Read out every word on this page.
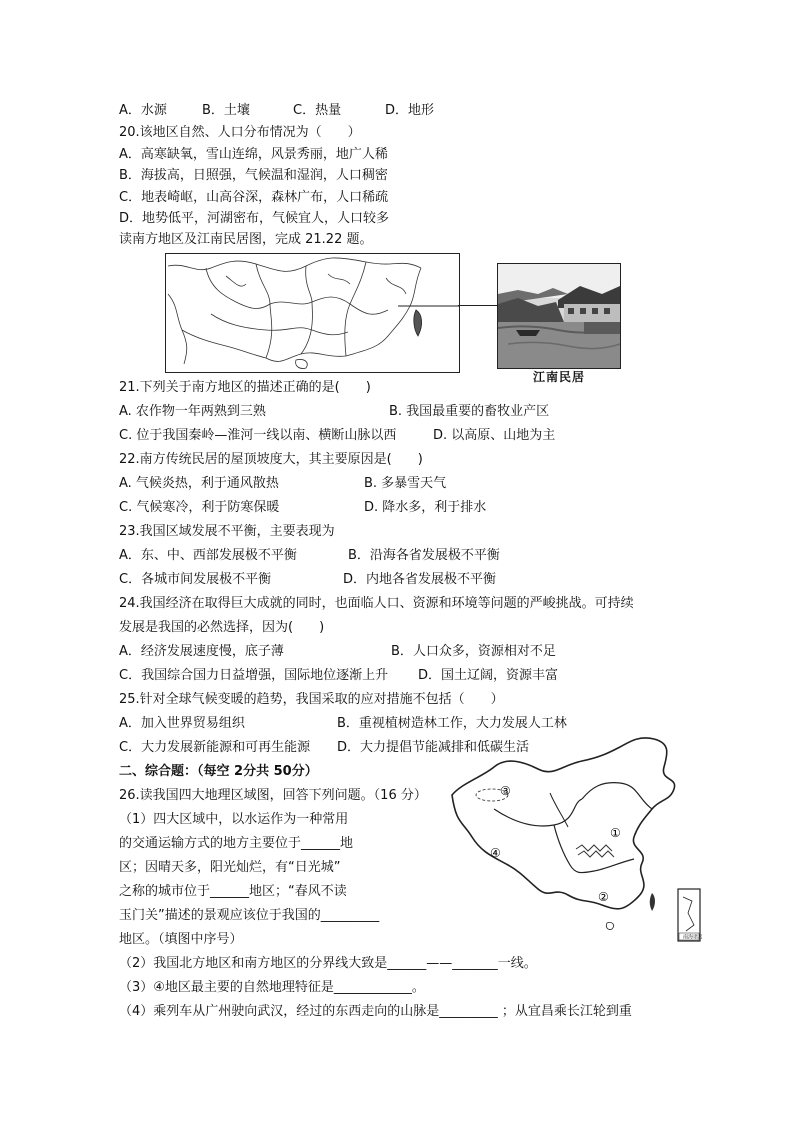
A．水源	B．土壤	C．热量	D．地形
20.该地区自然、人口分布情况为（　　）
A．高寒缺氧，雪山连绵，风景秀丽，地广人稀
B．海拔高，日照强，气候温和湿润，人口稠密
C．地表崎岖，山高谷深，森林广布，人口稀疏
D．地势低平，河湖密布，气候宜人，人口较多
读南方地区及江南民居图，完成 21.22 题。
江南民居
21.下列关于南方地区的描述正确的是(　　)
A. 农作物一年两熟到三熟	B. 我国最重要的畜牧业产区
C. 位于我国秦岭—淮河一线以南、横断山脉以西	D. 以高原、山地为主
22.南方传统民居的屋顶坡度大，其主要原因是(　　)
A. 气候炎热，利于通风散热	B. 多暴雪天气
C. 气候寒冷，利于防寒保暖	D. 降水多，利于排水
23.我国区域发展不平衡，主要表现为
A．东、中、西部发展极不平衡	B．沿海各省发展极不平衡
C．各城市间发展极不平衡	D．内地各省发展极不平衡
24.我国经济在取得巨大成就的同时，也面临人口、资源和环境等问题的严峻挑战。可持续
发展是我国的必然选择，因为(　　)
A．经济发展速度慢，底子薄	B．人口众多，资源相对不足
C．我国综合国力日益增强，国际地位逐渐上升 D．国土辽阔，资源丰富
25.针对全球气候变暖的趋势，我国采取的应对措施不包括（　　）
A．加入世界贸易组织	B．重视植树造林工作，大力发展人工林
C．大力发展新能源和可再生能源 D．大力提倡节能减排和低碳生活
二、综合题：（每空 2分共 50分）
26.读我国四大地理区域图，回答下列问题。（16 分）
（1）四大区域中，以水运作为一种常用
的交通运输方式的地方主要位于______地
区；因晴天多，阳光灿烂，有“日光城”
之称的城市位于______地区；“春风不读
玉门关”描述的景观应该位于我国的_________
地区。（填图中序号）
（2）我国北方地区和南方地区的分界线大致是______——_______一线。
（3）④地区最主要的自然地理特征是____________。
（4）乘列车从广州驶向武汉，经过的东西走向的山脉是_________ ；从宜昌乘长江轮到重
南海诸岛
①
②
③
④
